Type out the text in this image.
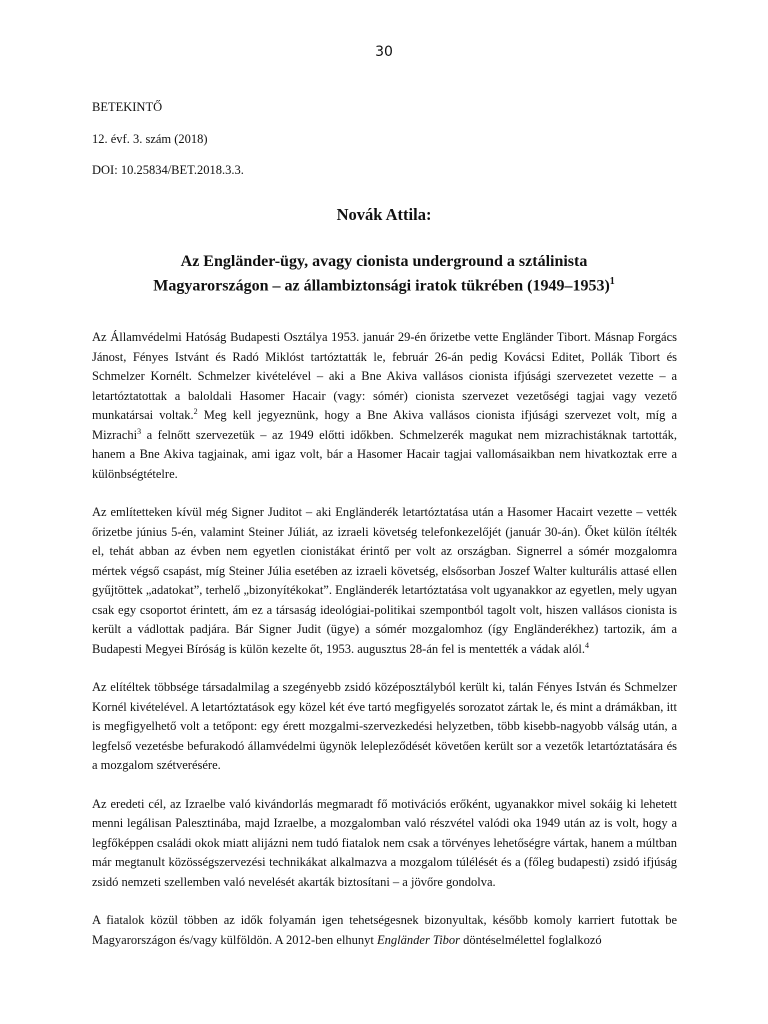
30
BETEKINTŐ
12. évf. 3. szám (2018)
DOI: 10.25834/BET.2018.3.3.
Novák Attila:
Az Engländer-ügy, avagy cionista underground a sztálinista
Magyarországon – az állambiztonsági iratok tükrében (1949–1953)$^1$

Az Államvédelmi Hatóság Budapesti Osztálya 1953. január 29-én őrizetbe vette Engländer Tibort. Másnap Forgács Jánost, Fényes Istvánt és Radó Miklóst tartóztatták le, február 26-án pedig Kovácsi Editet, Pollák Tibort és Schmelzer Kornélt. Schmelzer kivételével – aki a Bne Akiva vallásos cionista ifjúsági szervezetet vezette – a letartóztatottak a baloldali Hasomer Hacair (vagy: sómér) cionista szervezet vezetőségi tagjai vagy vezető munkatársai voltak.$^2$ Meg kell jegyeznünk, hogy a Bne Akiva vallásos cionista ifjúsági szervezet volt, míg a Mizrachi$^3$ a felnőtt szervezetük – az 1949 előtti időkben. Schmelzerék magukat nem mizrachistáknak tartották, hanem a Bne Akiva tagjainak, ami igaz volt, bár a Hasomer Hacair tagjai vallomásaikban nem hivatkoztak erre a különbségtételre.

Az említetteken kívül még Signer Juditot – aki Engländerék letartóztatása után a Hasomer Hacairt vezette – vették őrizetbe június 5-én, valamint Steiner Júliát, az izraeli követség telefonkezelőjét (január 30-án). Őket külön ítélték el, tehát abban az évben nem egyetlen cionistákat érintő per volt az országban. Signerrel a sómér mozgalomra mértek végső csapást, míg Steiner Júlia esetében az izraeli követség, elsősorban Joszef Walter kulturális attasé ellen gyűjtöttek „adatokat”, terhelő „bizonyítékokat”. Engländerék letartóztatása volt ugyanakkor az egyetlen, mely ugyan csak egy csoportot érintett, ám ez a társaság ideológiai-politikai szempontból tagolt volt, hiszen vallásos cionista is került a vádlottak padjára. Bár Signer Judit (ügye) a sómér mozgalomhoz (így Engländerékhez) tartozik, ám a Budapesti Megyei Bíróság is külön kezelte őt, 1953. augusztus 28-án fel is mentették a vádak alól.$^4$

Az elítéltek többsége társadalmilag a szegényebb zsidó középosztályból került ki, talán Fényes István és Schmelzer Kornél kivételével. A letartóztatások egy közel két éve tartó megfigyelés sorozatot zártak le, és mint a drámákban, itt is megfigyelhető volt a tetőpont: egy érett mozgalmi-szervezkedési helyzetben, több kisebb-nagyobb válság után, a legfelső vezetésbe befurakodó államvédelmi ügynök lelepleződését követően került sor a vezetők letartóztatására és a mozgalom szétverésére.

Az eredeti cél, az Izraelbe való kivándorlás megmaradt fő motivációs erőként, ugyanakkor mivel sokáig ki lehetett menni legálisan Palesztinába, majd Izraelbe, a mozgalomban való részvétel valódi oka 1949 után az is volt, hogy a legfőképpen családi okok miatt alijázni nem tudó fiatalok nem csak a törvényes lehetőségre vártak, hanem a múltban már megtanult közösségszervezési technikákat alkalmazva a mozgalom túlélését és a (főleg budapesti) zsidó ifjúság zsidó nemzeti szellemben való nevelését akarták biztosítani – a jövőre gondolva.

A fiatalok közül többen az idők folyamán igen tehetségesnek bizonyultak, később komoly karriert futottak be Magyarországon és/vagy külföldön. A 2012-ben elhunyt Engländer Tibor döntéselmélettel foglalkozó
